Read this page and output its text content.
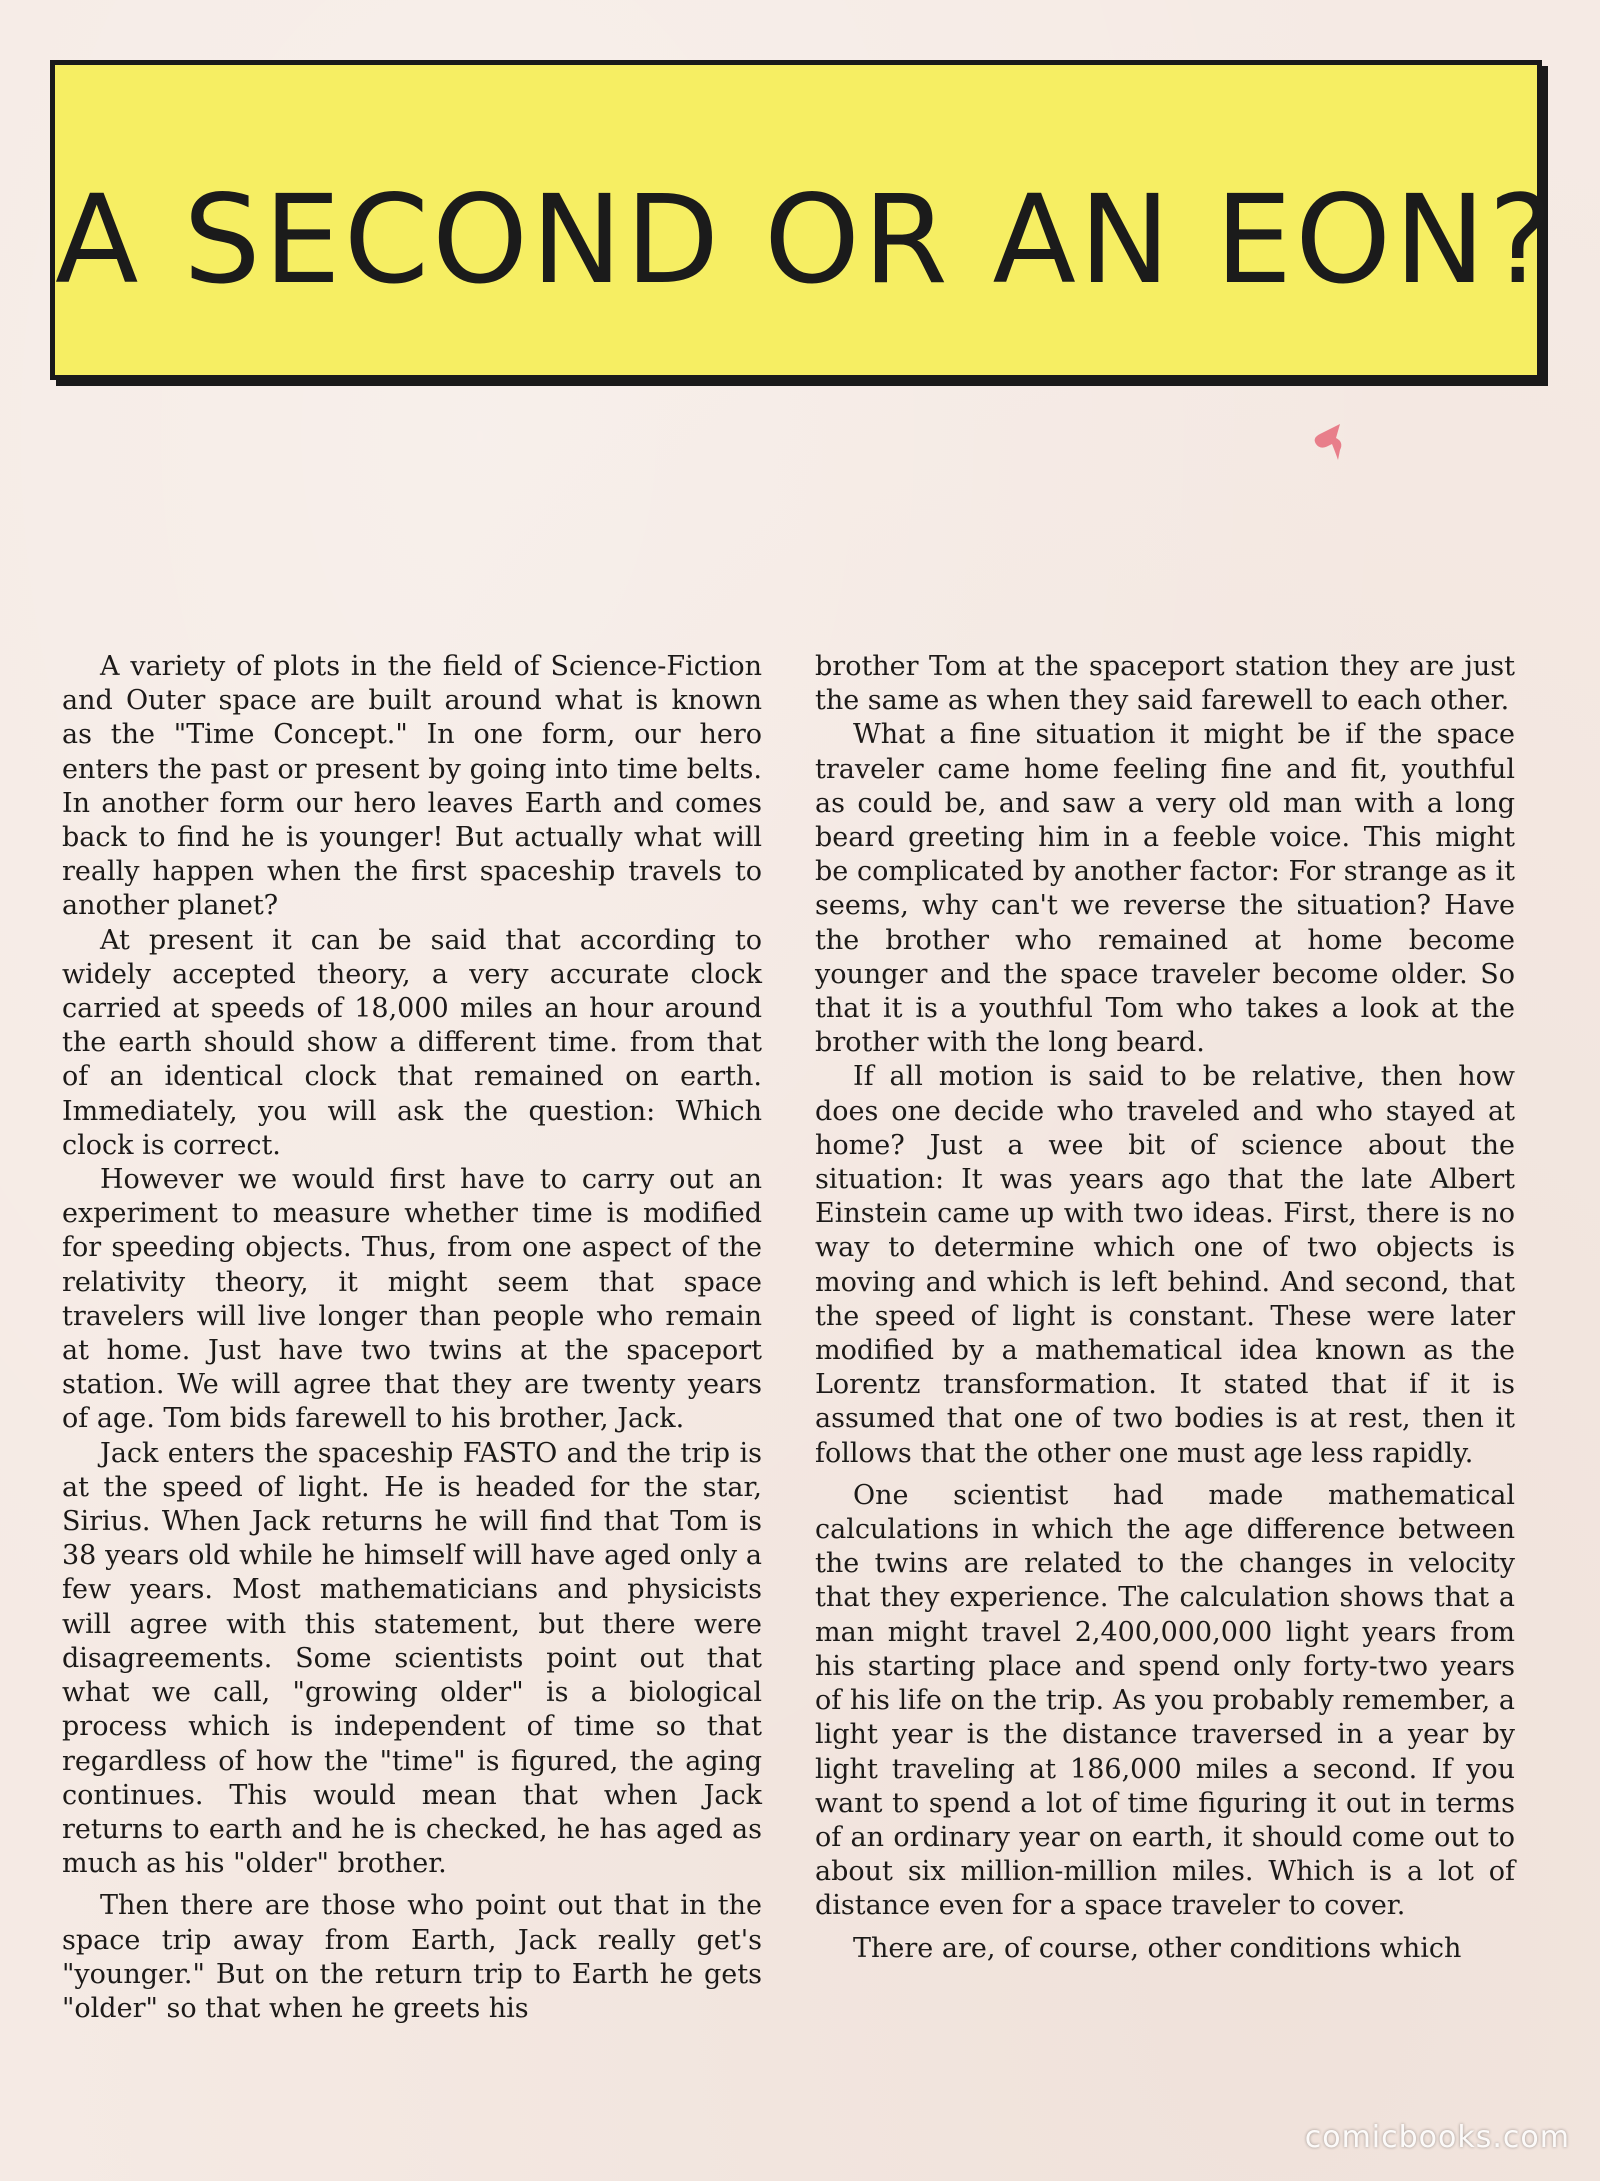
A SECOND OR AN EON?

A variety of plots in the field of Science-Fiction and Outer space are built around what is known as the "Time Concept." In one form, our hero enters the past or present by going into time belts. In another form our hero leaves Earth and comes back to find he is younger! But actually what will really happen when the first spaceship travels to another planet?

At present it can be said that according to widely accepted theory, a very accurate clock carried at speeds of 18,000 miles an hour around the earth should show a different time. from that of an identical clock that remained on earth. Immediately, you will ask the question: Which clock is correct.

However we would first have to carry out an experiment to measure whether time is modified for speeding objects. Thus, from one aspect of the relativity theory, it might seem that space travelers will live longer than people who remain at home. Just have two twins at the spaceport station. We will agree that they are twenty years of age. Tom bids farewell to his brother, Jack.

Jack enters the spaceship FASTO and the trip is at the speed of light. He is headed for the star, Sirius. When Jack returns he will find that Tom is 38 years old while he himself will have aged only a few years. Most mathematicians and physicists will agree with this statement, but there were disagreements. Some scientists point out that what we call, "growing older" is a biological process which is independent of time so that regardless of how the "time" is figured, the aging continues. This would mean that when Jack returns to earth and he is checked, he has aged as much as his "older" brother.

Then there are those who point out that in the space trip away from Earth, Jack really get's "younger." But on the return trip to Earth he gets "older" so that when he greets his

brother Tom at the spaceport station they are just the same as when they said farewell to each other.

What a fine situation it might be if the space traveler came home feeling fine and fit, youthful as could be, and saw a very old man with a long beard greeting him in a feeble voice. This might be complicated by another factor: For strange as it seems, why can't we reverse the situation? Have the brother who remained at home become younger and the space traveler become older. So that it is a youthful Tom who takes a look at the brother with the long beard.

If all motion is said to be relative, then how does one decide who traveled and who stayed at home? Just a wee bit of science about the situation: It was years ago that the late Albert Einstein came up with two ideas. First, there is no way to determine which one of two objects is moving and which is left behind. And second, that the speed of light is constant. These were later modified by a mathematical idea known as the Lorentz transformation. It stated that if it is assumed that one of two bodies is at rest, then it follows that the other one must age less rapidly.

One scientist had made mathematical calculations in which the age difference between the twins are related to the changes in velocity that they experience. The calculation shows that a man might travel 2,400,000,000 light years from his starting place and spend only forty-two years of his life on the trip. As you probably remember, a light year is the distance traversed in a year by light traveling at 186,000 miles a second. If you want to spend a lot of time figuring it out in terms of an ordinary year on earth, it should come out to about six million-million miles. Which is a lot of distance even for a space traveler to cover.

There are, of course, other conditions which

comicbooks.com
